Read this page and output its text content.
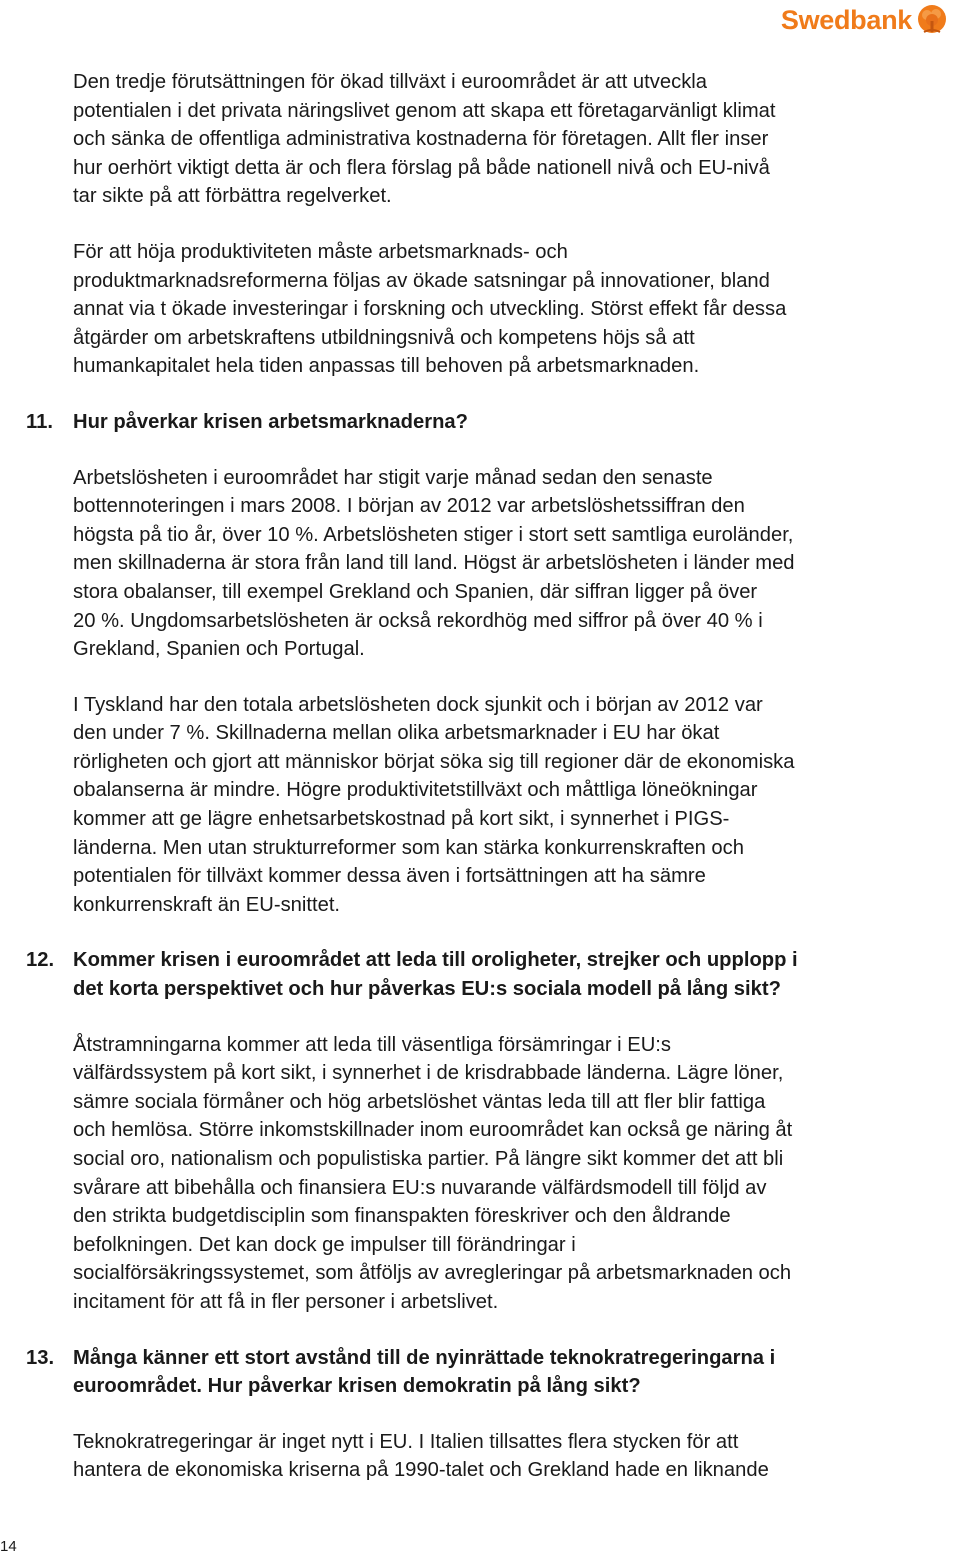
Swedbank

Den tredje förutsättningen för ökad tillväxt i euroområdet är att utveckla
potentialen i det privata näringslivet genom att skapa ett företagarvänligt klimat
och sänka de offentliga administrativa kostnaderna för företagen. Allt fler inser
hur oerhört viktigt detta är och flera förslag på både nationell nivå och EU-nivå
tar sikte på att förbättra regelverket.

För att höja produktiviteten måste arbetsmarknads- och
produktmarknadsreformerna följas av ökade satsningar på innovationer, bland
annat via t ökade investeringar i forskning och utveckling. Störst effekt får dessa
åtgärder om arbetskraftens utbildningsnivå och kompetens höjs så att
humankapitalet hela tiden anpassas till behoven på arbetsmarknaden.

11. Hur påverkar krisen arbetsmarknaderna?

Arbetslösheten i euroområdet har stigit varje månad sedan den senaste
bottennoteringen i mars 2008. I början av 2012 var arbetslöshetssiffran den
högsta på tio år, över 10 %. Arbetslösheten stiger i stort sett samtliga euroländer,
men skillnaderna är stora från land till land. Högst är arbetslösheten i länder med
stora obalanser, till exempel Grekland och Spanien, där siffran ligger på över
20 %. Ungdomsarbetslösheten är också rekordhög med siffror på över 40 % i
Grekland, Spanien och Portugal.

I Tyskland har den totala arbetslösheten dock sjunkit och i början av 2012 var
den under 7 %. Skillnaderna mellan olika arbetsmarknader i EU har ökat
rörligheten och gjort att människor börjat söka sig till regioner där de ekonomiska
obalanserna är mindre. Högre produktivitetstillväxt och måttliga löneökningar
kommer att ge lägre enhetsarbetskostnad på kort sikt, i synnerhet i PIGS-
länderna. Men utan strukturreformer som kan stärka konkurrenskraften och
potentialen för tillväxt kommer dessa även i fortsättningen att ha sämre
konkurrenskraft än EU-snittet.

12. Kommer krisen i euroområdet att leda till oroligheter, strejker och upplopp i
det korta perspektivet och hur påverkas EU:s sociala modell på lång sikt?

Åtstramningarna kommer att leda till väsentliga försämringar i EU:s
välfärdssystem på kort sikt, i synnerhet i de krisdrabbade länderna. Lägre löner,
sämre sociala förmåner och hög arbetslöshet väntas leda till att fler blir fattiga
och hemlösa. Större inkomstskillnader inom euroområdet kan också ge näring åt
social oro, nationalism och populistiska partier. På längre sikt kommer det att bli
svårare att bibehålla och finansiera EU:s nuvarande välfärdsmodell till följd av
den strikta budgetdisciplin som finanspakten föreskriver och den åldrande
befolkningen. Det kan dock ge impulser till förändringar i
socialförsäkringssystemet, som åtföljs av avregleringar på arbetsmarknaden och
incitament för att få in fler personer i arbetslivet.

13. Många känner ett stort avstånd till de nyinrättade teknokratregeringarna i
euroområdet. Hur påverkar krisen demokratin på lång sikt?

Teknokratregeringar är inget nytt i EU. I Italien tillsattes flera stycken för att
hantera de ekonomiska kriserna på 1990-talet och Grekland hade en liknande

14
